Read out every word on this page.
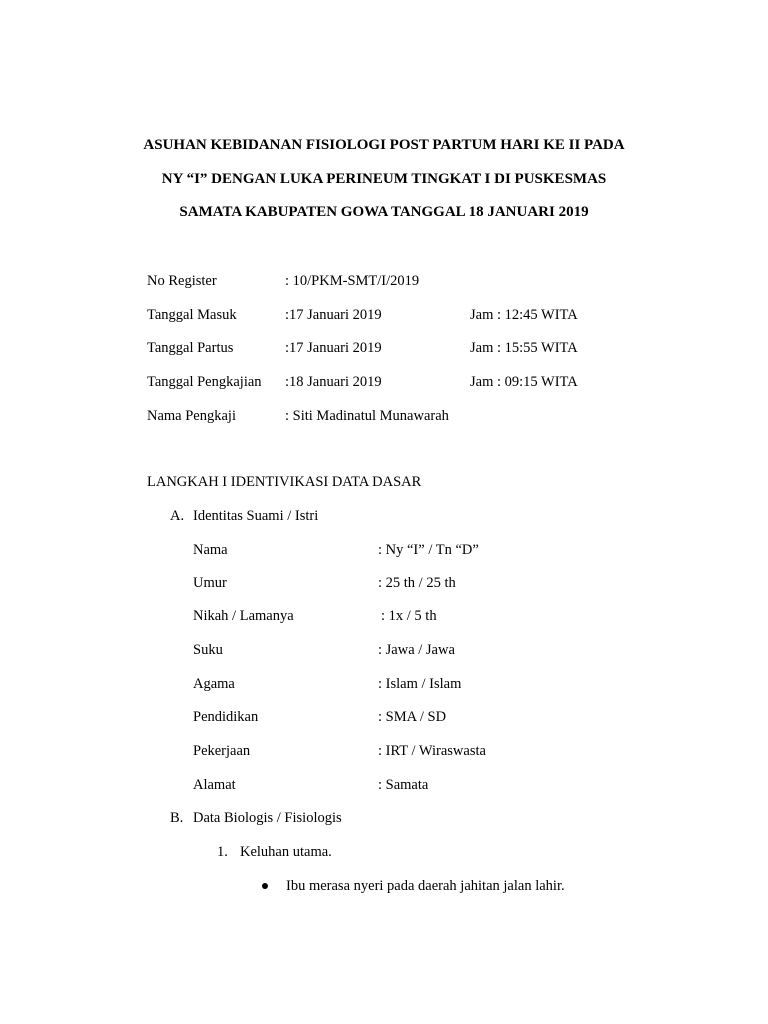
ASUHAN KEBIDANAN FISIOLOGI POST PARTUM HARI KE II PADA
NY “I” DENGAN LUKA PERINEUM TINGKAT I DI PUSKESMAS
SAMATA KABUPATEN GOWA TANGGAL 18 JANUARI 2019
No Register	: 10/PKM-SMT/I/2019
Tanggal Masuk	:17 Januari 2019	Jam : 12:45 WITA
Tanggal Partus	:17 Januari 2019	Jam : 15:55 WITA
Tanggal Pengkajian :18 Januari 2019	Jam : 09:15 WITA
Nama Pengkaji	: Siti Madinatul Munawarah
LANGKAH I IDENTIVIKASI DATA DASAR
A. Identitas Suami / Istri
Nama	: Ny “I” / Tn “D”
Umur	: 25 th / 25 th
Nikah / Lamanya	: 1x / 5 th
Suku	: Jawa / Jawa
Agama	: Islam / Islam
Pendidikan	: SMA / SD
Pekerjaan	: IRT / Wiraswasta
Alamat	: Samata
B. Data Biologis / Fisiologis
1. Keluhan utama.
Ibu merasa nyeri pada daerah jahitan jalan lahir.
